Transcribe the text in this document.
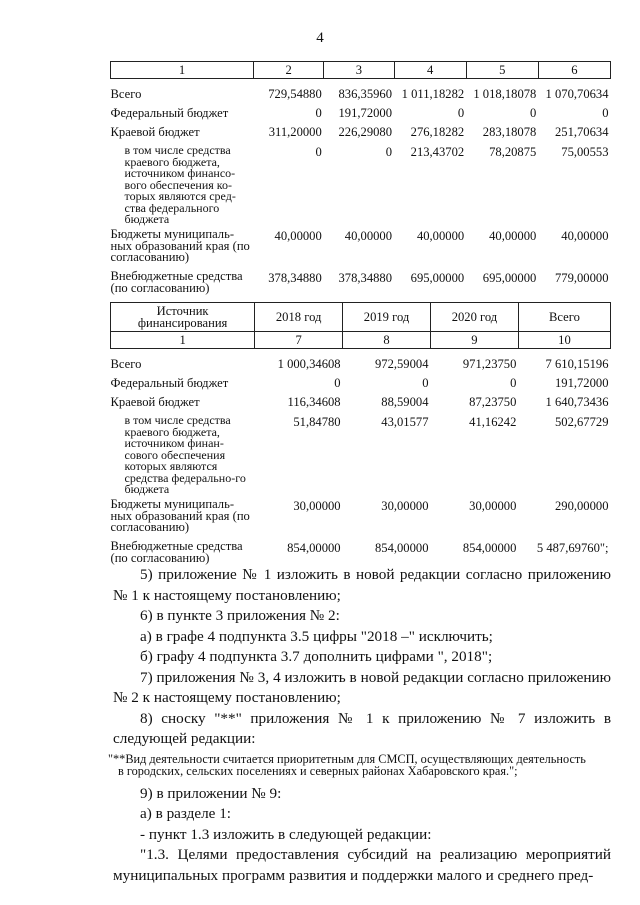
4
1	2	3	4	5	6

Всего	729,54880	836,35960	1 011,18282	1 018,18078	1 070,70634
Федеральный бюджет	0	191,72000	0	0	0
Краевой бюджет	311,20000	226,29080	276,18282	283,18078	251,70634
в том числе средства краевого бюджета, источником финансо-вого обеспечения ко-торых являются сред-ства федерального бюджета	0	0	213,43702	78,20875	75,00553
Бюджеты муниципаль-ных образований края (по согласованию)	40,00000	40,00000	40,00000	40,00000	40,00000
Внебюджетные средства (по согласованию)	378,34880	378,34880	695,00000	695,00000	779,00000
Источник финансирования	2018 год	2019 год	2020 год	Всего
1	7	8	9	10

Всего	1 000,34608	972,59004	971,23750	7 610,15196
Федеральный бюджет	0	0	0	191,72000
Краевой бюджет	116,34608	88,59004	87,23750	1 640,73436
в том числе средства краевого бюджета, источником финан-сового обеспечения которых являются средства федерально-го бюджета	51,84780	43,01577	41,16242	502,67729
Бюджеты муниципаль-ных образований края (по согласованию)	30,00000	30,00000	30,00000	290,00000
Внебюджетные средства (по согласованию)	854,00000	854,00000	854,00000	5 487,69760";

5) приложение № 1 изложить в новой редакции согласно приложению № 1 к настоящему постановлению;

6) в пункте 3 приложения № 2:

а) в графе 4 подпункта 3.5 цифры "2018 –" исключить;

б) графу 4 подпункта 3.7 дополнить цифрами ", 2018";

7) приложения № 3, 4 изложить в новой редакции согласно приложению № 2 к настоящему постановлению;

8) сноску "**" приложения № 1 к приложению № 7 изложить в следующей редакции:

"**Вид деятельности считается приоритетным для СМСП, осуществляющих деятельность
в городских, сельских поселениях и северных районах Хабаровского края.";

9) в приложении № 9:

а) в разделе 1:

- пункт 1.3 изложить в следующей редакции:

"1.3. Целями предоставления субсидий на реализацию мероприятий муниципальных программ развития и поддержки малого и среднего пред-
